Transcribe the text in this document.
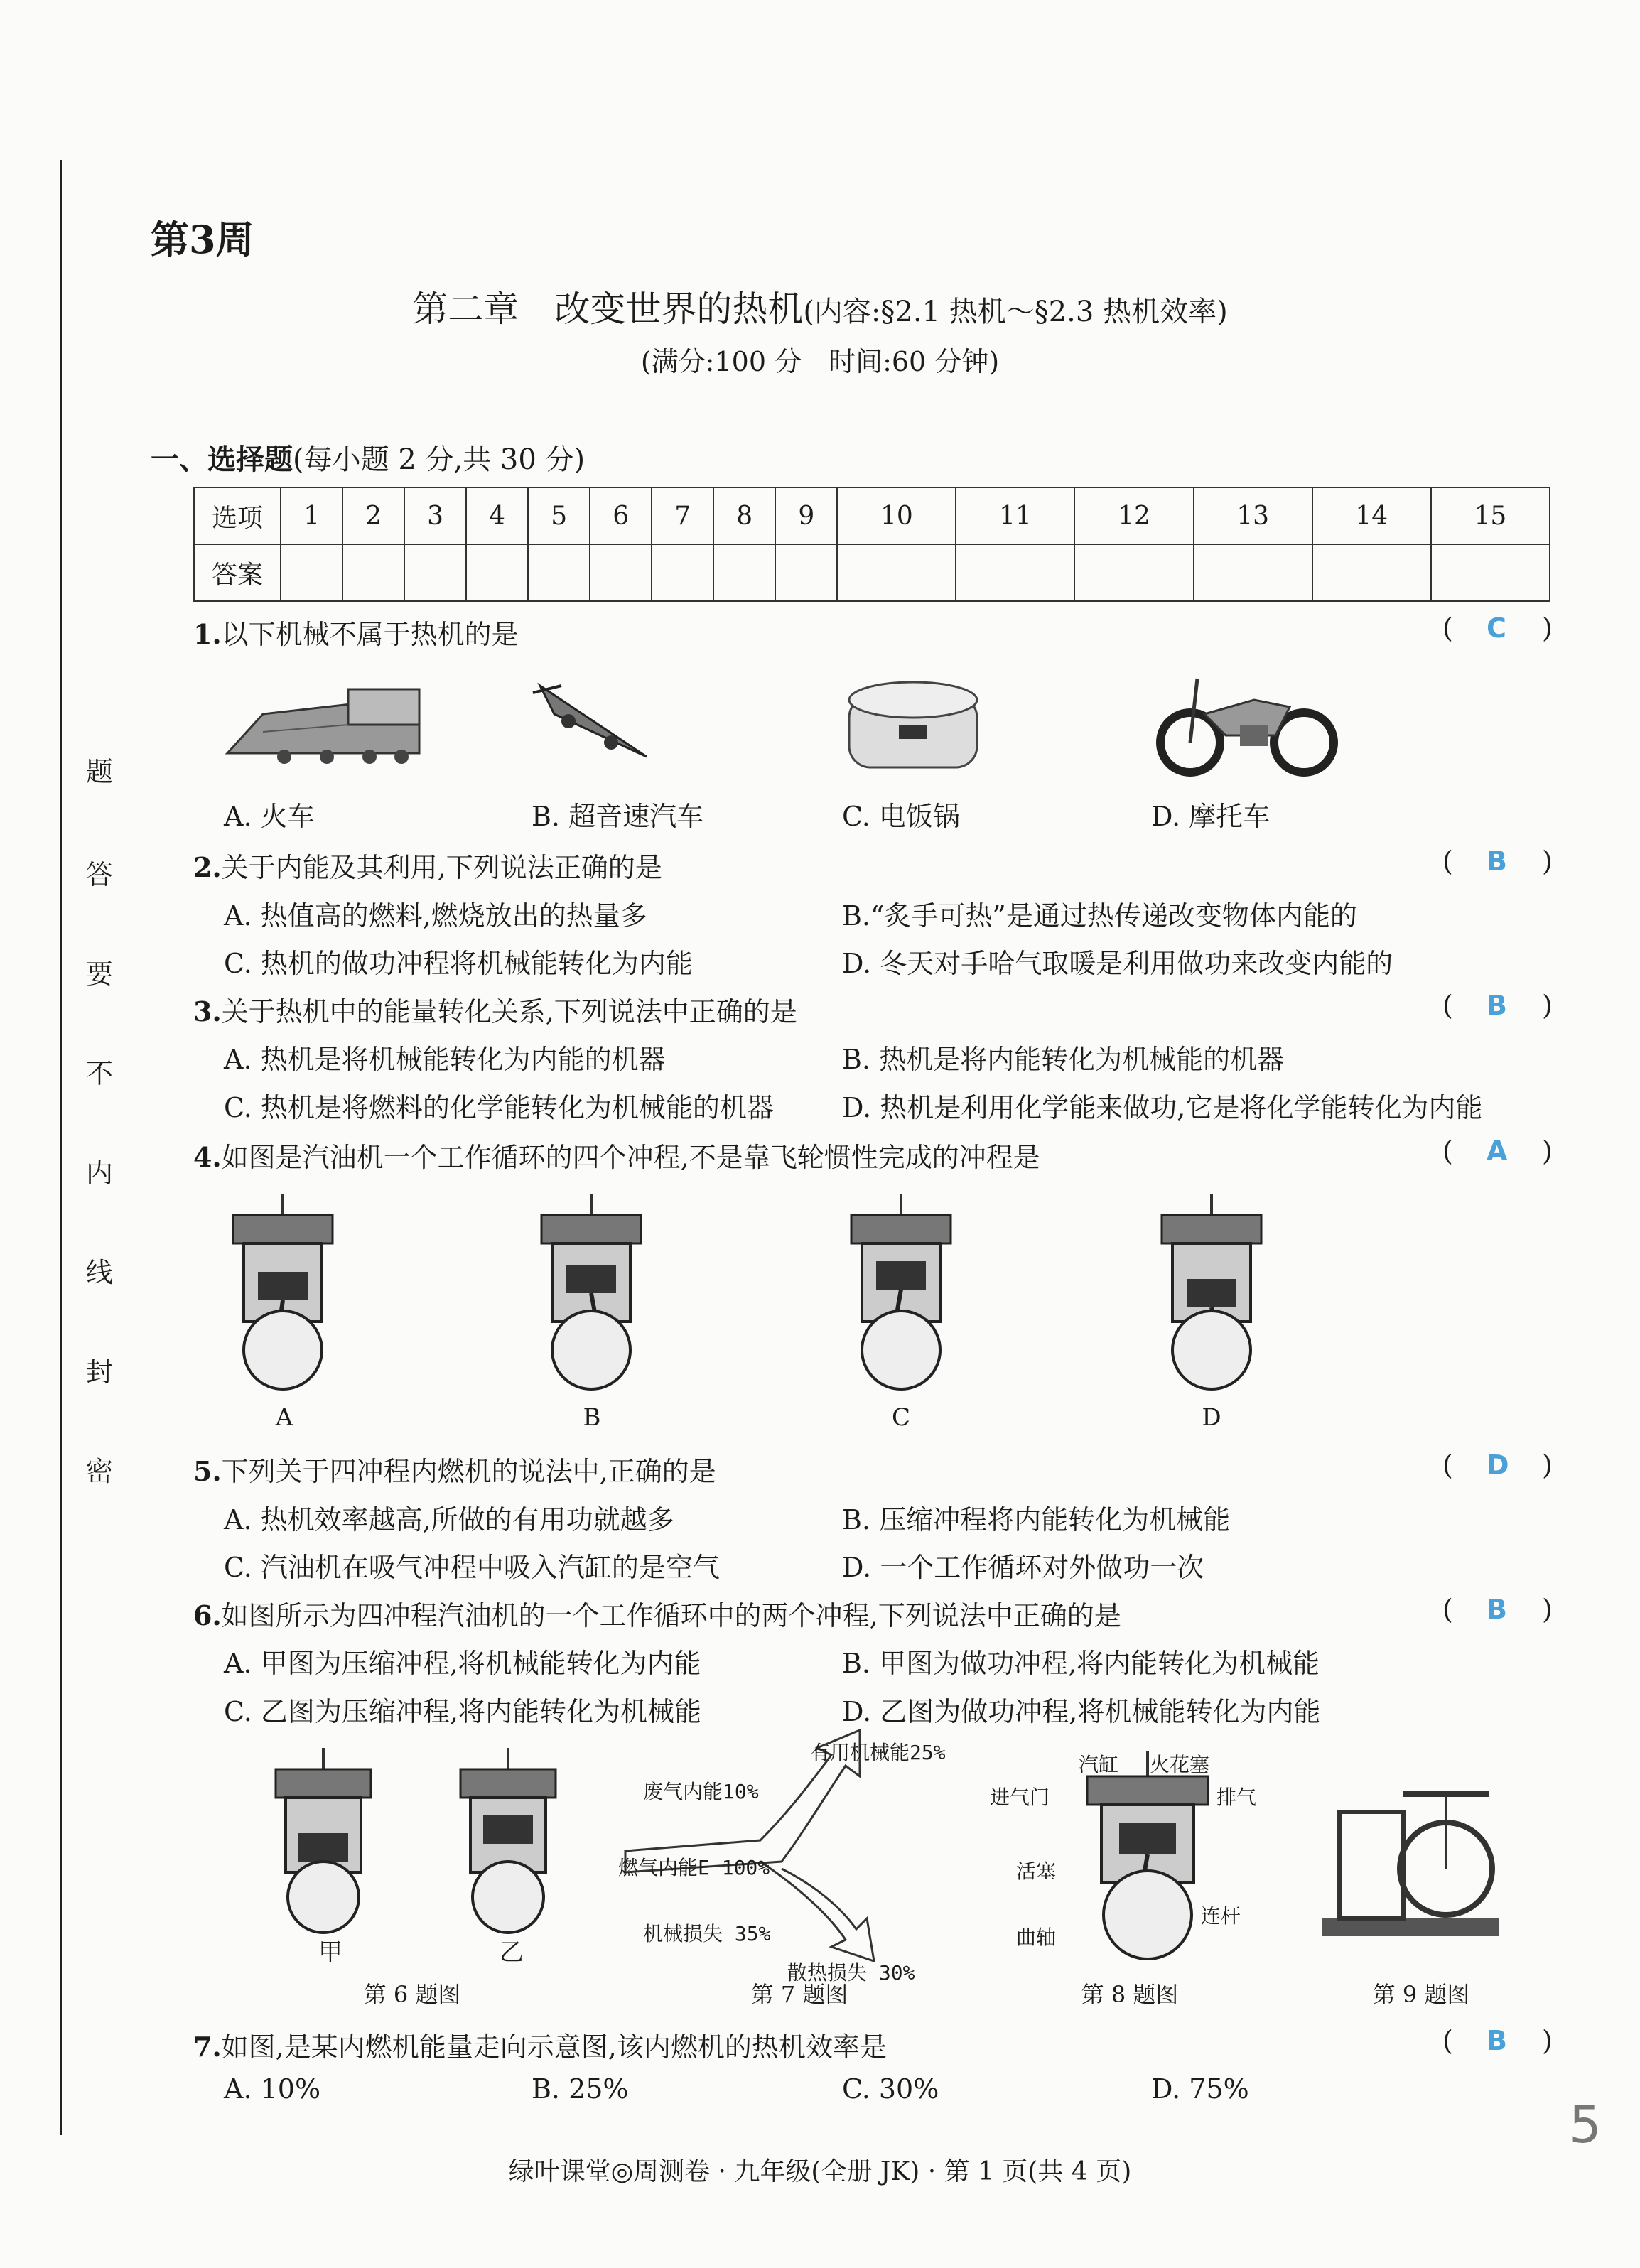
题
答
要
不
内
线
封
密
第3周
第二章　改变世界的热机(内容:§2.1 热机～§2.3 热机效率)
(满分:100 分　时间:60 分钟)
一、选择题(每小题 2 分,共 30 分)
选项	1	2	3	4	5	6	7	8	9	10	11	12	13	14	15
答案															
1.以下机械不属于热机的是	( C )
A. 火车	B. 超音速汽车	C. 电饭锅	D. 摩托车
2.关于内能及其利用,下列说法正确的是	( B )
A. 热值高的燃料,燃烧放出的热量多	B.“炙手可热”是通过热传递改变物体内能的
C. 热机的做功冲程将机械能转化为内能	D. 冬天对手哈气取暖是利用做功来改变内能的
3.关于热机中的能量转化关系,下列说法中正确的是	( B )
A. 热机是将机械能转化为内能的机器	B. 热机是将内能转化为机械能的机器
C. 热机是将燃料的化学能转化为机械能的机器	D. 热机是利用化学能来做功,它是将化学能转化为内能
4.如图是汽油机一个工作循环的四个冲程,不是靠飞轮惯性完成的冲程是	( A )
A	B	C	D
5.下列关于四冲程内燃机的说法中,正确的是	( D )
A. 热机效率越高,所做的有用功就越多	B. 压缩冲程将内能转化为机械能
C. 汽油机在吸气冲程中吸入汽缸的是空气	D. 一个工作循环对外做功一次
6.如图所示为四冲程汽油机的一个工作循环中的两个冲程,下列说法中正确的是	( B )
A. 甲图为压缩冲程,将机械能转化为内能	B. 甲图为做功冲程,将内能转化为机械能
C. 乙图为压缩冲程,将内能转化为机械能	D. 乙图为做功冲程,将机械能转化为内能
甲	乙
第 6 题图
有用机械能25%
废气内能10%
燃气内能E 100%
机械损失 35%
散热损失 30%
第 7 题图
汽缸 火花塞
进气门	排气
活塞
连杆
曲轴
第 8 题图	第 9 题图
7.如图,是某内燃机能量走向示意图,该内燃机的热机效率是	( B )
A. 10%	B. 25%	C. 30%	D. 75%
绿叶课堂◎周测卷 · 九年级(全册 JK) · 第 1 页(共 4 页)
5
